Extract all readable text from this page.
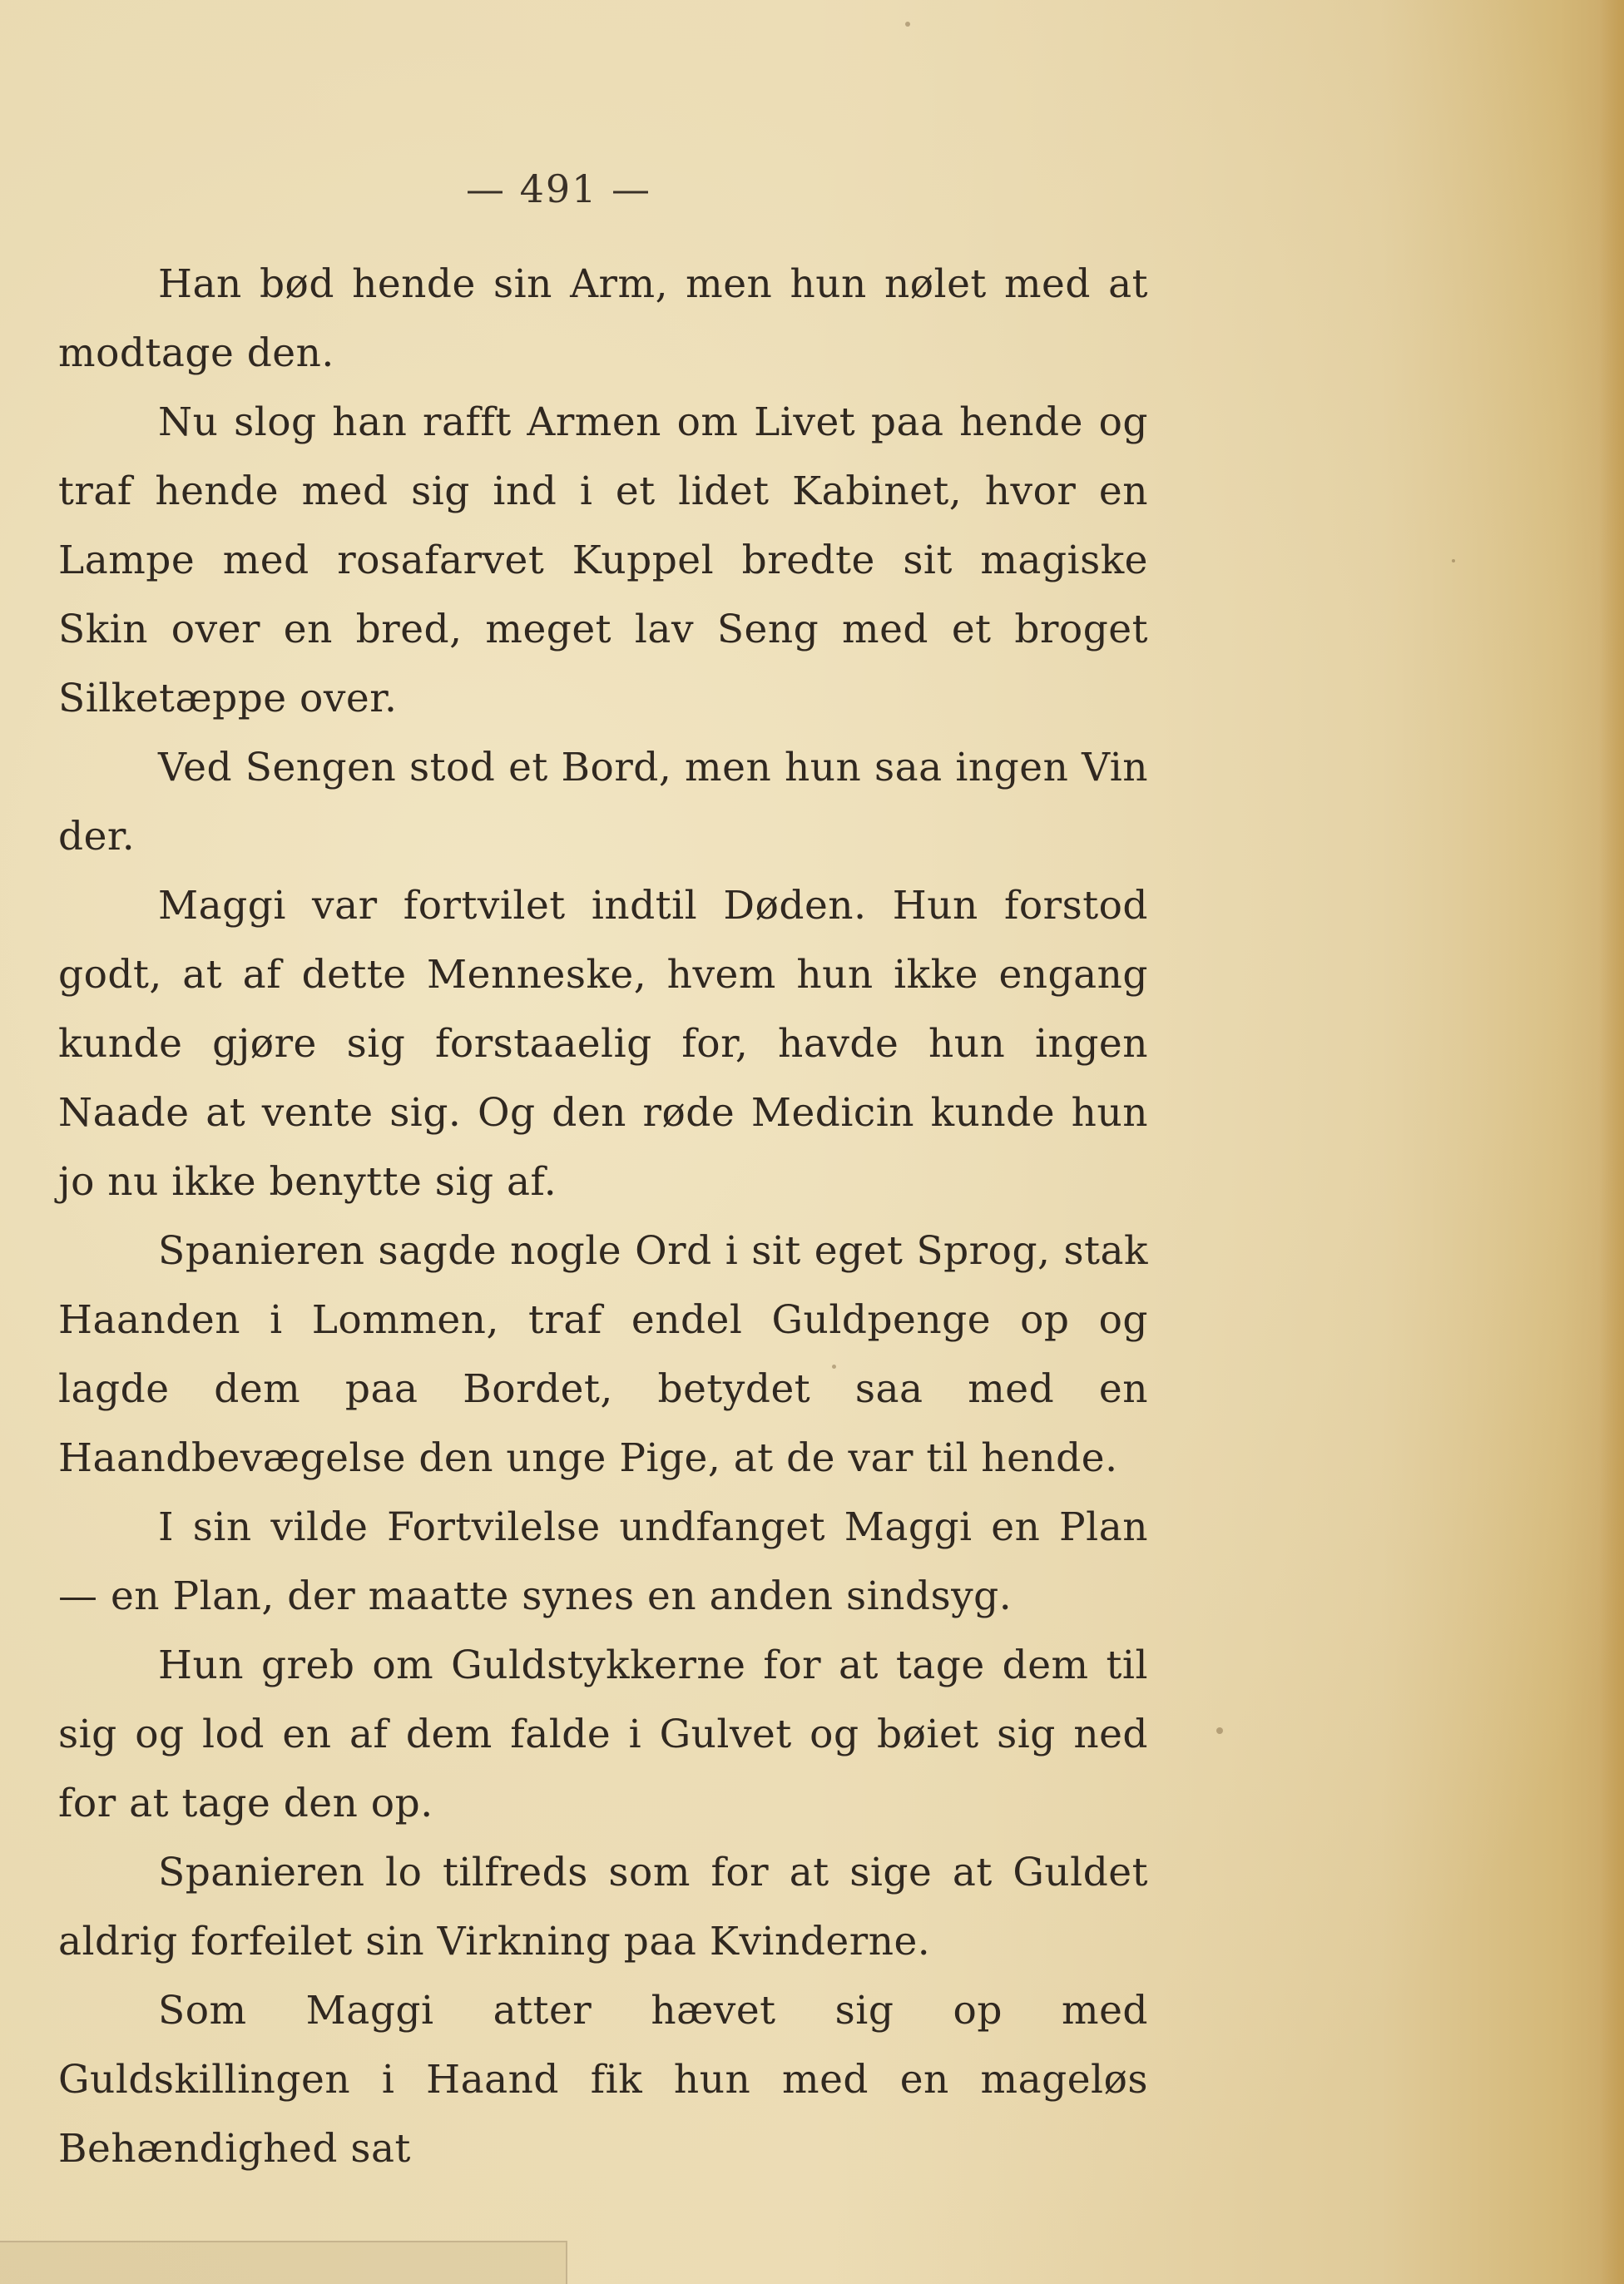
— 491 —

Han bød hende sin Arm, men hun nølet med at modtage den.

Nu slog han rafft Armen om Livet paa hende og traf hende med sig ind i et lidet Kabinet, hvor en Lampe med rosafarvet Kuppel bredte sit magiske Skin over en bred, meget lav Seng med et broget Silketæppe over.

Ved Sengen stod et Bord, men hun saa ingen Vin der.

Maggi var fortvilet indtil Døden. Hun forstod godt, at af dette Menneske, hvem hun ikke engang kunde gjøre sig forstaaelig for, havde hun ingen Naade at vente sig. Og den røde Medicin kunde hun jo nu ikke benytte sig af.

Spanieren sagde nogle Ord i sit eget Sprog, stak Haanden i Lommen, traf endel Guldpenge op og lagde dem paa Bordet, betydet saa med en Haandbevægelse den unge Pige, at de var til hende.

I sin vilde Fortvilelse undfanget Maggi en Plan — en Plan, der maatte synes en anden sindsyg.

Hun greb om Guldstykkerne for at tage dem til sig og lod en af dem falde i Gulvet og bøiet sig ned for at tage den op.

Spanieren lo tilfreds som for at sige at Guldet aldrig forfeilet sin Virkning paa Kvinderne.

Som Maggi atter hævet sig op med Guldskillingen i Haand fik hun med en mageløs Behændighed sat
